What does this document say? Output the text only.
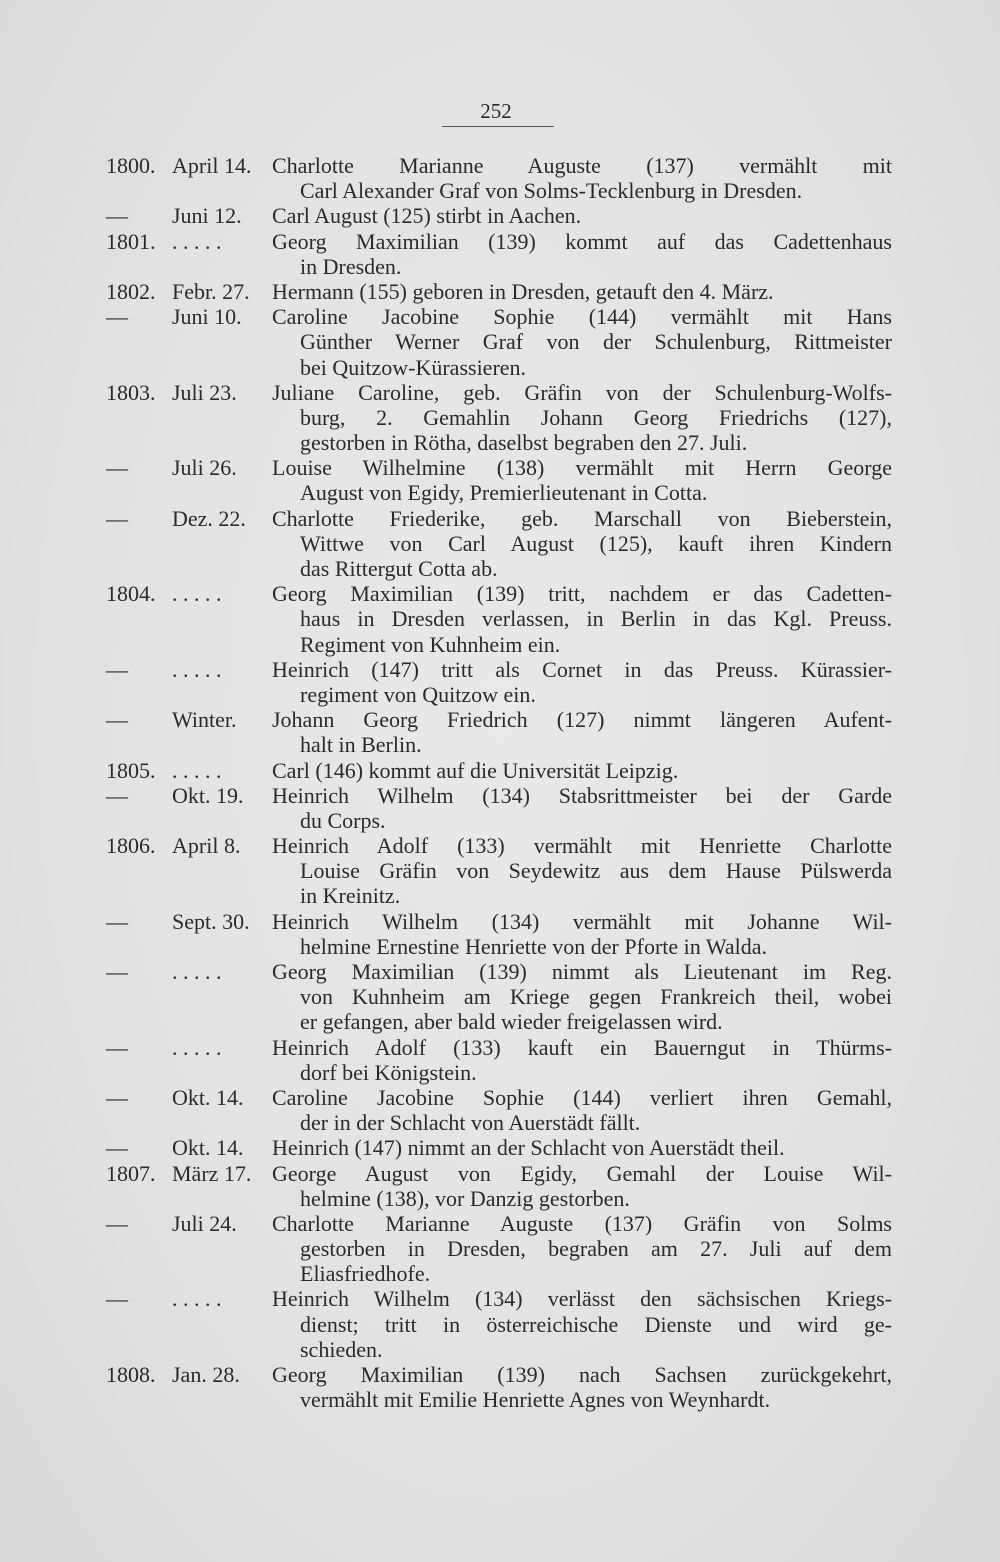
252
1800. April 14. Charlotte Marianne Auguste (137) vermählt mit
Carl Alexander Graf von Solms-Tecklenburg in Dresden.
—	Juni 12.	Carl August (125) stirbt in Aachen.
1801. . . . . .	Georg Maximilian (139) kommt auf das Cadettenhaus
in Dresden.
1802. Febr. 27.	Hermann (155) geboren in Dresden, getauft den 4. März.
—	Juni 10.	Caroline Jacobine Sophie (144) vermählt mit Hans
Günther Werner Graf von der Schulenburg, Rittmeister
bei Quitzow-Kürassieren.
1803. Juli 23.	Juliane Caroline, geb. Gräfin von der Schulenburg-Wolfs-
burg, 2. Gemahlin Johann Georg Friedrichs (127),
gestorben in Rötha, daselbst begraben den 27. Juli.
—	Juli 26.	Louise Wilhelmine (138) vermählt mit Herrn George
August von Egidy, Premierlieutenant in Cotta.
—	Dez. 22.	Charlotte Friederike, geb. Marschall von Bieberstein,
Wittwe von Carl August (125), kauft ihren Kindern
das Rittergut Cotta ab.
1804. . . . . .	Georg Maximilian (139) tritt, nachdem er das Cadetten-
haus in Dresden verlassen, in Berlin in das Kgl. Preuss.
Regiment von Kuhnheim ein.
—	. . . . .	Heinrich (147) tritt als Cornet in das Preuss. Kürassier-
regiment von Quitzow ein.
—	Winter.	Johann Georg Friedrich (127) nimmt längeren Aufent-
halt in Berlin.
1805. . . . . .	Carl (146) kommt auf die Universität Leipzig.
—	Okt. 19.	Heinrich Wilhelm (134) Stabsrittmeister bei der Garde
du Corps.
1806. April 8.	Heinrich Adolf (133) vermählt mit Henriette Charlotte
Louise Gräfin von Seydewitz aus dem Hause Pülswerda
in Kreinitz.
—	Sept. 30.	Heinrich Wilhelm (134) vermählt mit Johanne Wil-
helmine Ernestine Henriette von der Pforte in Walda.
—	. . . . .	Georg Maximilian (139) nimmt als Lieutenant im Reg.
von Kuhnheim am Kriege gegen Frankreich theil, wobei
er gefangen, aber bald wieder freigelassen wird.
—	. . . . .	Heinrich Adolf (133) kauft ein Bauerngut in Thürms-
dorf bei Königstein.
—	Okt. 14.	Caroline Jacobine Sophie (144) verliert ihren Gemahl,
der in der Schlacht von Auerstädt fällt.
—	Okt. 14.	Heinrich (147) nimmt an der Schlacht von Auerstädt theil.
1807. März 17. George August von Egidy, Gemahl der Louise Wil-
helmine (138), vor Danzig gestorben.
—	Juli 24.	Charlotte Marianne Auguste (137) Gräfin von Solms
gestorben in Dresden, begraben am 27. Juli auf dem
Eliasfriedhofe.
—	. . . . .	Heinrich Wilhelm (134) verlässt den sächsischen Kriegs-
dienst; tritt in österreichische Dienste und wird ge-
schieden.
1808. Jan. 28.	Georg Maximilian (139) nach Sachsen zurückgekehrt,
vermählt mit Emilie Henriette Agnes von Weynhardt.
